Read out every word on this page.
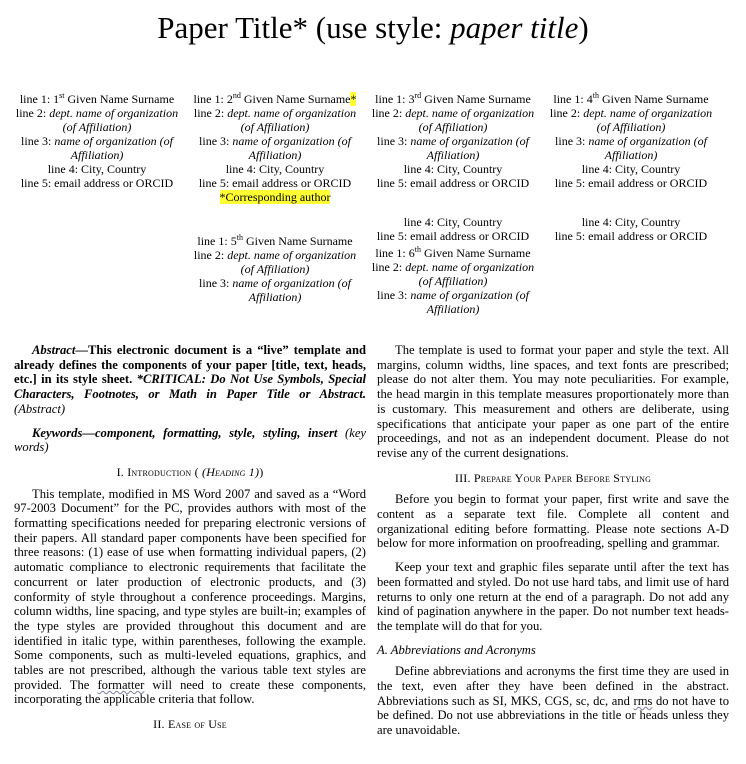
Paper Title* (use style: paper title)
line 1: 1st Given Name Surname
line 2: dept. name of organization (of Affiliation)
line 3: name of organization (of Affiliation)
line 4: City, Country
line 5: email address or ORCID
line 1: 2nd Given Name Surname*
line 2: dept. name of organization (of Affiliation)
line 3: name of organization (of Affiliation)
line 4: City, Country
line 5: email address or ORCID
*Corresponding author
line 1: 3rd Given Name Surname
line 2: dept. name of organization (of Affiliation)
line 3: name of organization (of Affiliation)
line 4: City, Country
line 5: email address or ORCID
line 1: 4th Given Name Surname
line 2: dept. name of organization (of Affiliation)
line 3: name of organization (of Affiliation)
line 4: City, Country
line 5: email address or ORCID
line 1: 5th Given Name Surname
line 2: dept. name of organization (of Affiliation)
line 3: name of organization (of Affiliation)
line 4: City, Country
line 5: email address or ORCID
line 1: 6th Given Name Surname
line 2: dept. name of organization (of Affiliation)
line 3: name of organization (of Affiliation)
line 4: City, Country
line 5: email address or ORCID

Abstract—This electronic document is a “live” template and already defines the components of your paper [title, text, heads, etc.] in its style sheet. *CRITICAL: Do Not Use Symbols, Special Characters, Footnotes, or Math in Paper Title or Abstract. (Abstract)

Keywords—component, formatting, style, styling, insert (key words)

I. Introduction ( (Heading 1))

This template, modified in MS Word 2007 and saved as a “Word 97-2003 Document” for the PC, provides authors with most of the formatting specifications needed for preparing electronic versions of their papers. All standard paper components have been specified for three reasons: (1) ease of use when formatting individual papers, (2) automatic compliance to electronic requirements that facilitate the concurrent or later production of electronic products, and (3) conformity of style throughout a conference proceedings. Margins, column widths, line spacing, and type styles are built-in; examples of the type styles are provided throughout this document and are identified in italic type, within parentheses, following the example. Some components, such as multi-leveled equations, graphics, and tables are not prescribed, although the various table text styles are provided. The formatter will need to create these components, incorporating the applicable criteria that follow.

II. Ease of Use

The template is used to format your paper and style the text. All margins, column widths, line spaces, and text fonts are prescribed; please do not alter them. You may note peculiarities. For example, the head margin in this template measures proportionately more than is customary. This measurement and others are deliberate, using specifications that anticipate your paper as one part of the entire proceedings, and not as an independent document. Please do not revise any of the current designations.

III. Prepare Your Paper Before Styling

Before you begin to format your paper, first write and save the content as a separate text file. Complete all content and organizational editing before formatting. Please note sections A-D below for more information on proofreading, spelling and grammar.

Keep your text and graphic files separate until after the text has been formatted and styled. Do not use hard tabs, and limit use of hard returns to only one return at the end of a paragraph. Do not add any kind of pagination anywhere in the paper. Do not number text heads-the template will do that for you.

A. Abbreviations and Acronyms

Define abbreviations and acronyms the first time they are used in the text, even after they have been defined in the abstract. Abbreviations such as SI, MKS, CGS, sc, dc, and rms do not have to be defined. Do not use abbreviations in the title or heads unless they are unavoidable.
